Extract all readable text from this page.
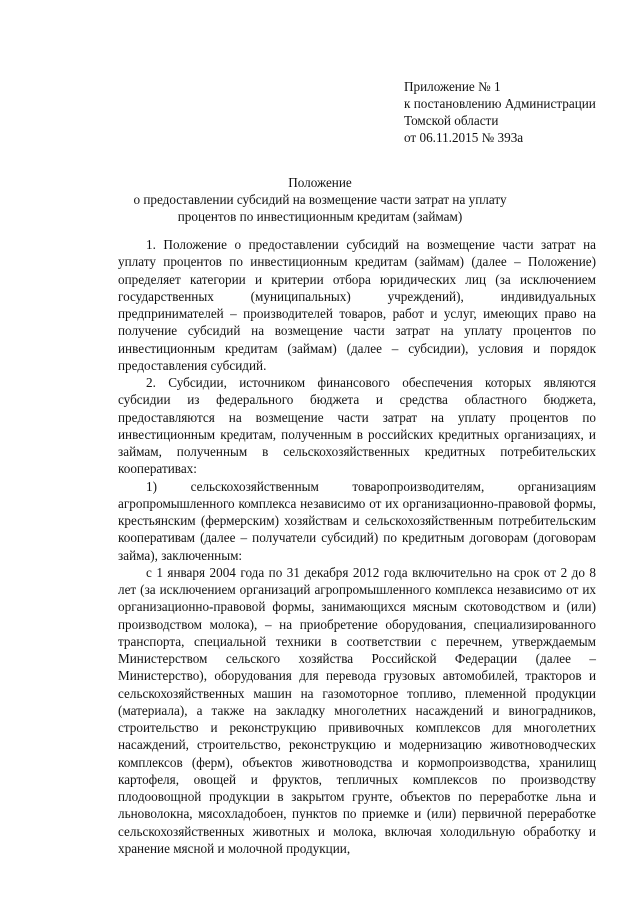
Приложение № 1
к постановлению Администрации
Томской области
от 06.11.2015 № 393а
Положение
о предоставлении субсидий на возмещение части затрат на уплату
процентов по инвестиционным кредитам (займам)

1. Положение о предоставлении субсидий на возмещение части затрат на уплату процентов по инвестиционным кредитам (займам) (далее – Положение) определяет категории и критерии отбора юридических лиц (за исключением государственных (муниципальных) учреждений), индивидуальных предпринимателей – производителей товаров, работ и услуг, имеющих право на получение субсидий на возмещение части затрат на уплату процентов по инвестиционным кредитам (займам) (далее – субсидии), условия и порядок предоставления субсидий.

2. Субсидии, источником финансового обеспечения которых являются субсидии из федерального бюджета и средства областного бюджета, предоставляются на возмещение части затрат на уплату процентов по инвестиционным кредитам, полученным в российских кредитных организациях, и займам, полученным в сельскохозяйственных кредитных потребительских кооперативах:

1) сельскохозяйственным товаропроизводителям, организациям агропромышленного комплекса независимо от их организационно-правовой формы, крестьянским (фермерским) хозяйствам и сельскохозяйственным потребительским кооперативам (далее – получатели субсидий) по кредитным договорам (договорам займа), заключенным:

с 1 января 2004 года по 31 декабря 2012 года включительно на срок от 2 до 8 лет (за исключением организаций агропромышленного комплекса независимо от их организационно-правовой формы, занимающихся мясным скотоводством и (или) производством молока), – на приобретение оборудования, специализированного транспорта, специальной техники в соответствии с перечнем, утверждаемым Министерством сельского хозяйства Российской Федерации (далее – Министерство), оборудования для перевода грузовых автомобилей, тракторов и сельскохозяйственных машин на газомоторное топливо, племенной продукции (материала), а также на закладку многолетних насаждений и виноградников, строительство и реконструкцию прививочных комплексов для многолетних насаждений, строительство, реконструкцию и модернизацию животноводческих комплексов (ферм), объектов животноводства и кормопроизводства, хранилищ картофеля, овощей и фруктов, тепличных комплексов по производству плодоовощной продукции в закрытом грунте, объектов по переработке льна и льноволокна, мясохладобоен, пунктов по приемке и (или) первичной переработке сельскохозяйственных животных и молока, включая холодильную обработку и хранение мясной и молочной продукции,
